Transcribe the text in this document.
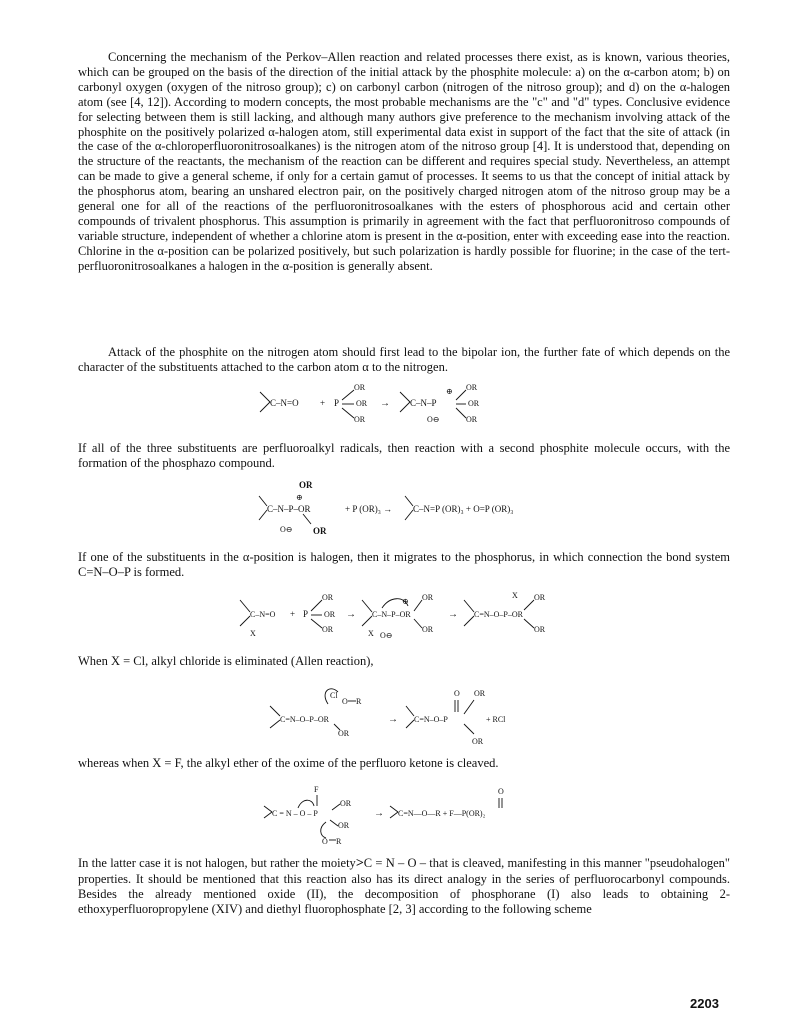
Concerning the mechanism of the Perkov–Allen reaction and related processes there exist, as is known, various theories, which can be grouped on the basis of the direction of the initial attack by the phosphite molecule: a) on the α-carbon atom; b) on carbonyl oxygen (oxygen of the nitroso group); c) on carbonyl carbon (nitrogen of the nitroso group); and d) on the α-halogen atom (see [4, 12]). According to modern concepts, the most probable mechanisms are the "c" and "d" types. Conclusive evidence for selecting between them is still lacking, and although many authors give preference to the mechanism involving attack of the phosphite on the positively polarized α-halogen atom, still experimental data exist in support of the fact that the site of attack (in the case of the α-chloroperfluoronitrosoalkanes) is the nitrogen atom of the nitroso group [4]. It is understood that, depending on the structure of the reactants, the mechanism of the reaction can be different and requires special study. Nevertheless, an attempt can be made to give a general scheme, if only for a certain gamut of processes. It seems to us that the concept of initial attack by the phosphorus atom, bearing an unshared electron pair, on the positively charged nitrogen atom of the nitroso group may be a general one for all of the reactions of the perfluoronitrosoalkanes with the esters of phosphorous acid and certain other compounds of trivalent phosphorus. This assumption is primarily in agreement with the fact that perfluoronitroso compounds of variable structure, independent of whether a chlorine atom is present in the α-position, enter with exceeding ease into the reaction. Chlorine in the α-position can be polarized positively, but such polarization is hardly possible for fluorine; in the case of the tert-perfluoronitrosoalkanes a halogen in the α-position is generally absent.

Attack of the phosphite on the nitrogen atom should first lead to the bipolar ion, the further fate of which depends on the character of the substituents attached to the carbon atom α to the nitrogen.

C–N=O + P
OR
OR
OR
→ C–N–P
⊕
O⊖
OR
OR
OR

If all of the three substituents are perfluoroalkyl radicals, then reaction with a second phosphite molecule occurs, with the formation of the phosphazo compound.

OR
⊕
C–N–P–OR
O⊖ OR
+ P (OR)₃ → C–N=P (OR)₃ + O=P (OR)₃

If one of the substituents in the α-position is halogen, then it migrates to the phosphorus, in which connection the bond system C=N–O–P is formed.

C–N=O
X
+ P
OR
OR
OR
→ C–N–P–OR
⊕
X O⊖
OR
OR
→ C=N–O–P–OR
X OR
OR

When X = Cl, alkyl chloride is eliminated (Allen reaction),

Cl
O R
C=N–O–P–OR
OR
→ C=N–O–P
O OR
+ RCl
OR

whereas when X = F, the alkyl ether of the oxime of the perfluoro ketone is cleaved.

F
C = N – O – P
OR
OR
O R
→ C=N—O—R + F—P(OR)₂
O

In the latter case it is not halogen, but rather the moiety>C = N – O – that is cleaved, manifesting in this manner "pseudohalogen" properties. It should be mentioned that this reaction also has its direct analogy in the series of perfluorocarbonyl compounds. Besides the already mentioned oxide (II), the decomposition of phosphorane (I) also leads to obtaining 2-ethoxyperfluoropropylene (XIV) and diethyl fluorophosphate [2, 3] according to the following scheme

2203
